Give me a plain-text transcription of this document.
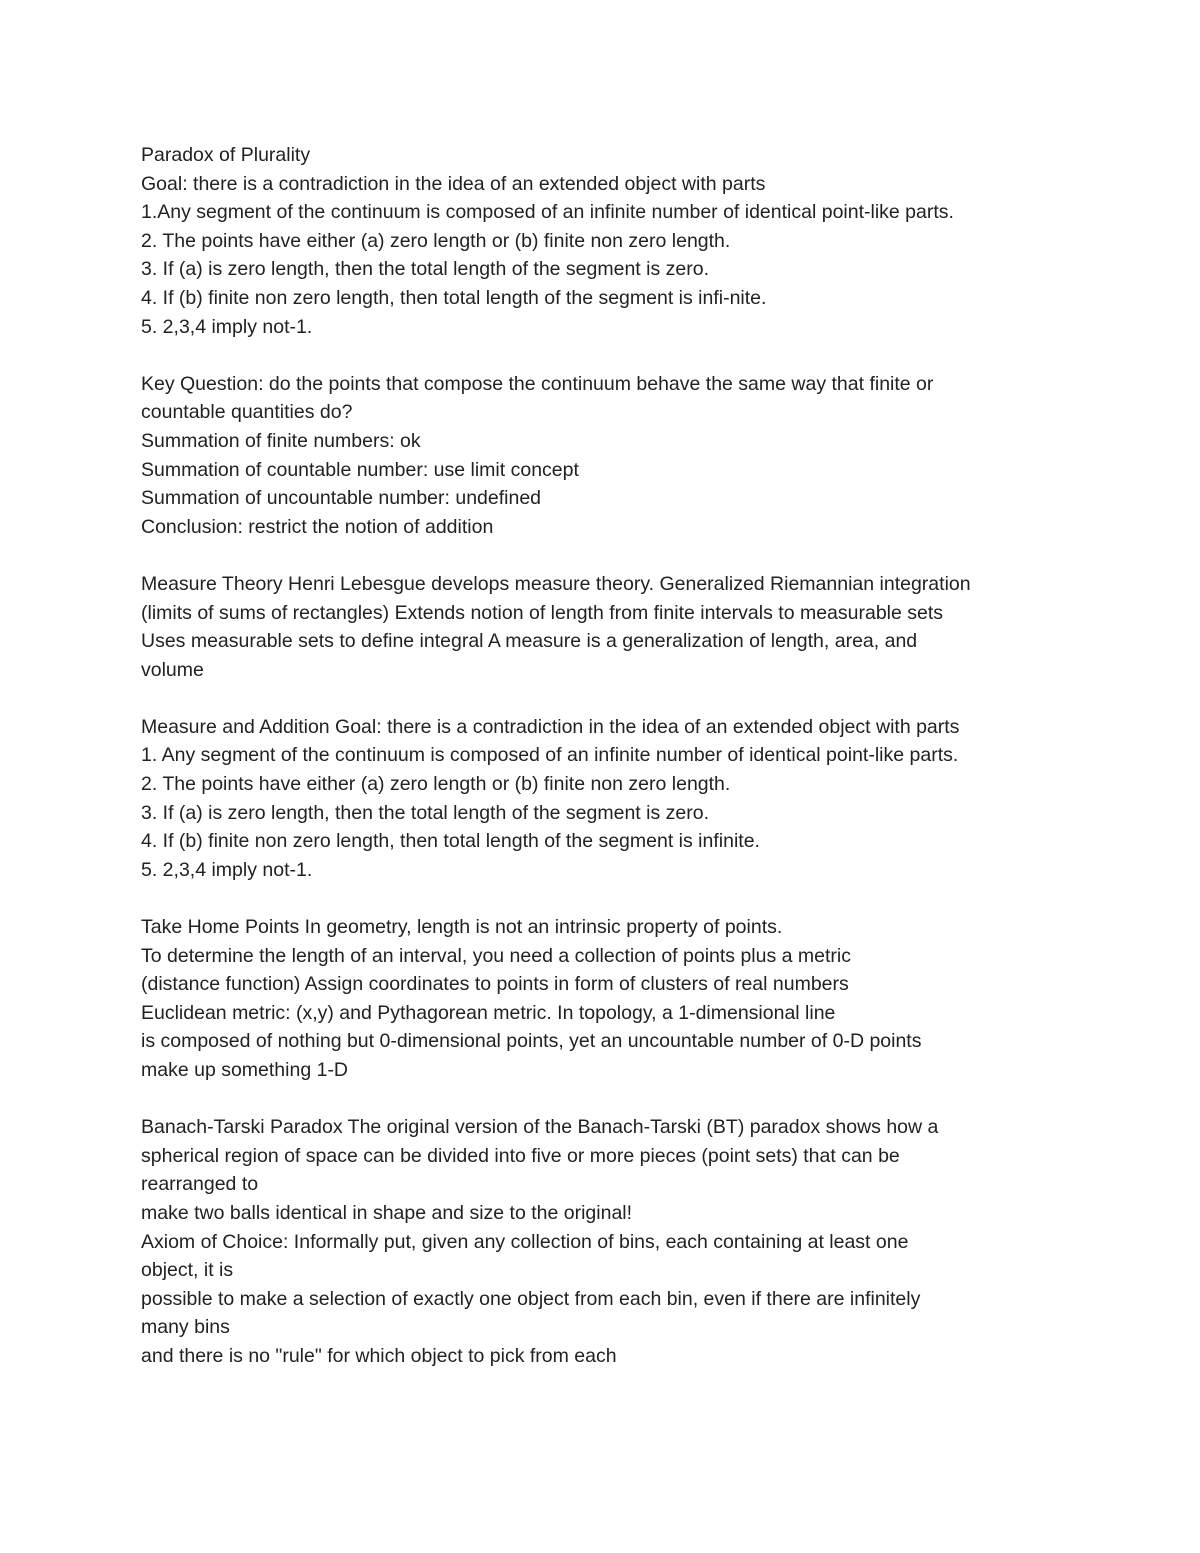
Paradox of Plurality

Goal: there is a contradiction in the idea of an extended object with parts

1.Any segment of the continuum is composed of an infinite number of identical point-like parts.

2. The points have either (a) zero length or (b) finite non zero length.

3. If (a) is zero length, then the total length of the segment is zero.

4. If (b) finite non zero length, then total length of the segment is infi-nite.

5. 2,3,4 imply not-1.

Key Question: do the points that compose the continuum behave the same way that finite or

countable quantities do?

Summation of finite numbers: ok

Summation of countable number: use limit concept

Summation of uncountable number: undefined

Conclusion: restrict the notion of addition

Measure Theory Henri Lebesgue develops measure theory. Generalized Riemannian integration

(limits of sums of rectangles) Extends notion of length from finite intervals to measurable sets

Uses measurable sets to define integral A measure is a generalization of length, area, and

volume

Measure and Addition Goal: there is a contradiction in the idea of an extended object with parts

1. Any segment of the continuum is composed of an infinite number of identical point-like parts.

2. The points have either (a) zero length or (b) finite non zero length.

3. If (a) is zero length, then the total length of the segment is zero.

4. If (b) finite non zero length, then total length of the segment is infinite.

5. 2,3,4 imply not-1.

Take Home Points In geometry, length is not an intrinsic property of points.

To determine the length of an interval, you need a collection of points plus a metric

(distance function) Assign coordinates to points in form of clusters of real numbers

Euclidean metric: (x,y) and Pythagorean metric. In topology, a 1-dimensional line

is composed of nothing but 0-dimensional points, yet an uncountable number of 0-D points

make up something 1-D

Banach-Tarski Paradox The original version of the Banach-Tarski (BT) paradox shows how a

spherical region of space can be divided into five or more pieces (point sets) that can be

rearranged to

make two balls identical in shape and size to the original!

Axiom of Choice: Informally put, given any collection of bins, each containing at least one

object, it is

possible to make a selection of exactly one object from each bin, even if there are infinitely

many bins

and there is no "rule" for which object to pick from each
